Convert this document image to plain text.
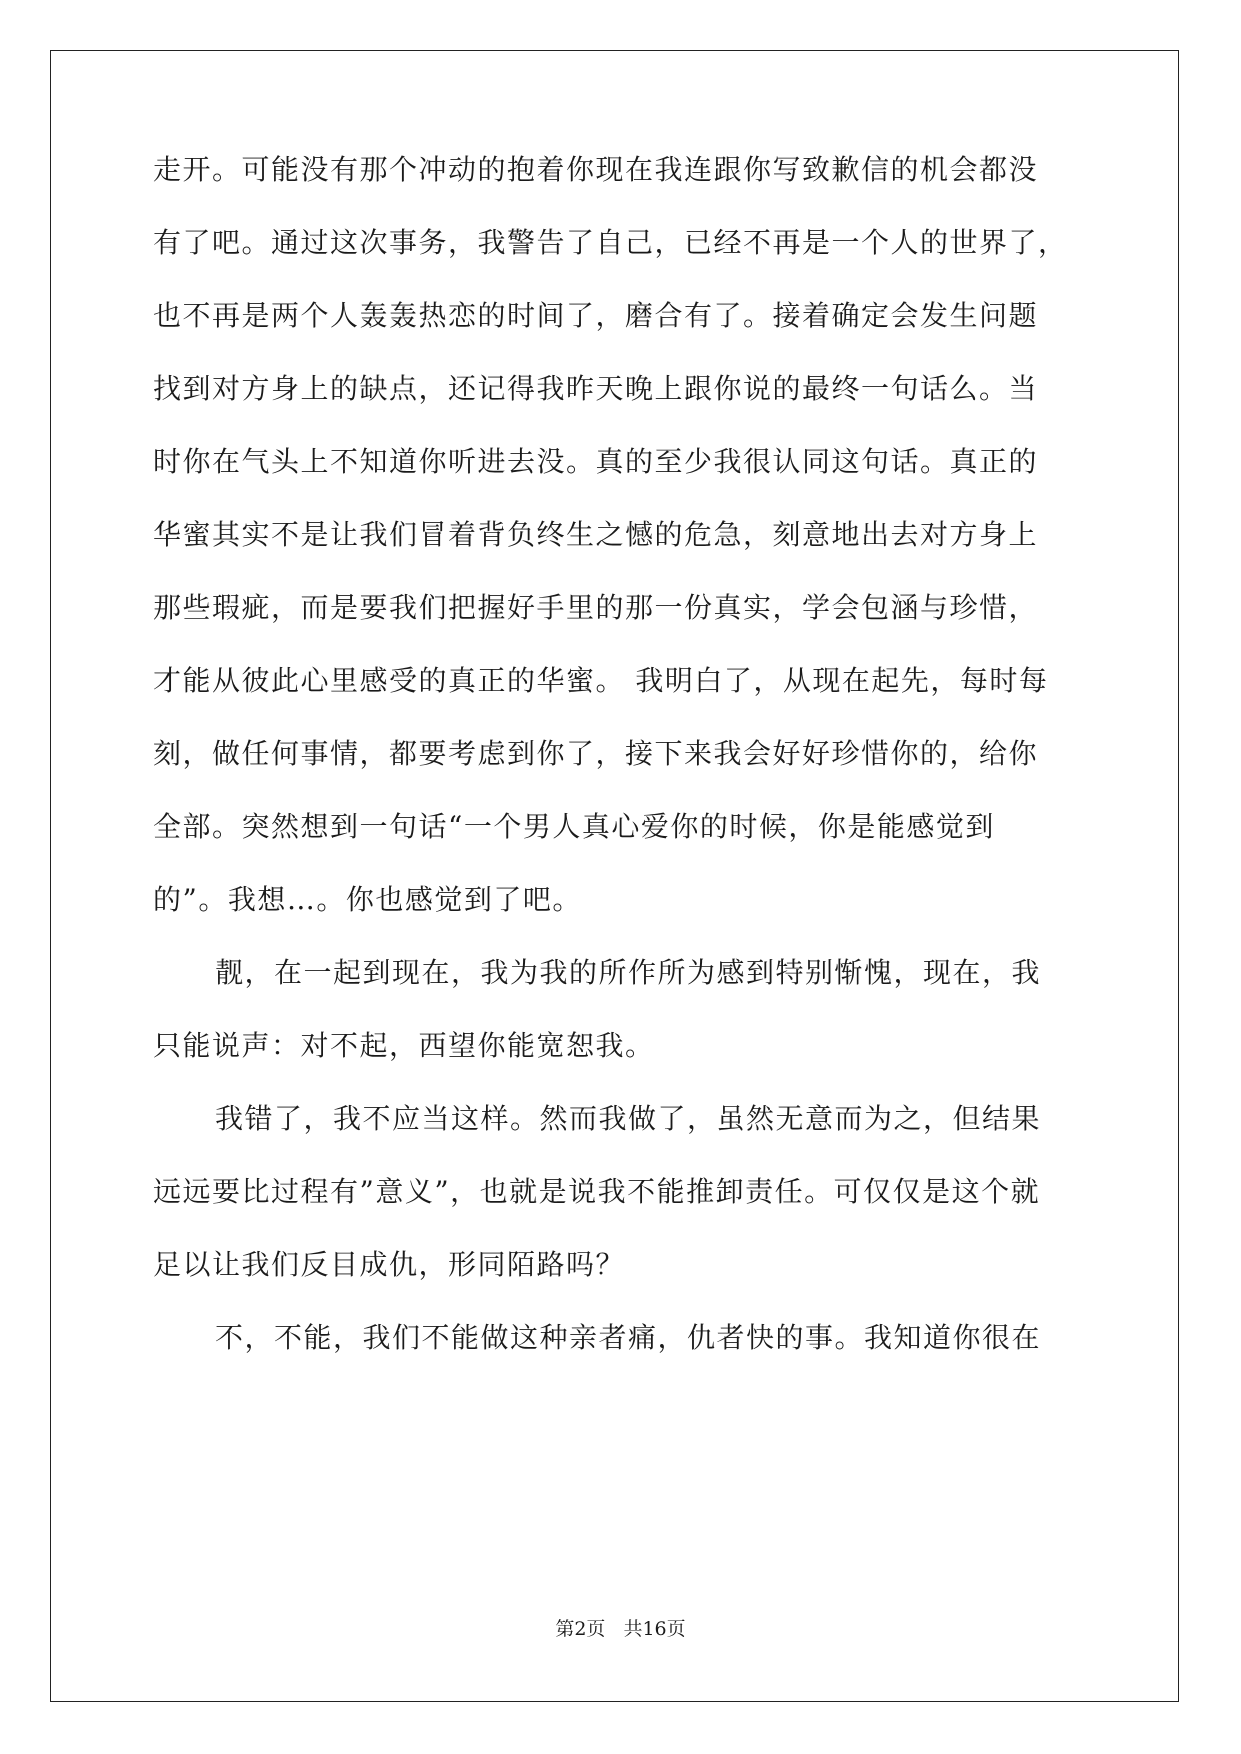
走开。可能没有那个冲动的抱着你现在我连跟你写致歉信的机会都没
有了吧。通过这次事务，我警告了自己，已经不再是一个人的世界了，
也不再是两个人轰轰热恋的时间了，磨合有了。接着确定会发生问题
找到对方身上的缺点，还记得我昨天晚上跟你说的最终一句话么。当
时你在气头上不知道你听进去没。真的至少我很认同这句话。真正的
华蜜其实不是让我们冒着背负终生之憾的危急，刻意地出去对方身上
那些瑕疵，而是要我们把握好手里的那一份真实，学会包涵与珍惜，
才能从彼此心里感受的真正的华蜜。 我明白了，从现在起先，每时每
刻，做任何事情，都要考虑到你了，接下来我会好好珍惜你的，给你
全部。突然想到一句话“一个男人真心爱你的时候，你是能感觉到
的”。我想…。你也感觉到了吧。
靓，在一起到现在，我为我的所作所为感到特别惭愧，现在，我
只能说声：对不起，西望你能宽恕我。
我错了，我不应当这样。然而我做了，虽然无意而为之，但结果
远远要比过程有”意义”，也就是说我不能推卸责任。可仅仅是这个就
足以让我们反目成仇，形同陌路吗？
不，不能，我们不能做这种亲者痛，仇者快的事。我知道你很在
第2页 共16页
